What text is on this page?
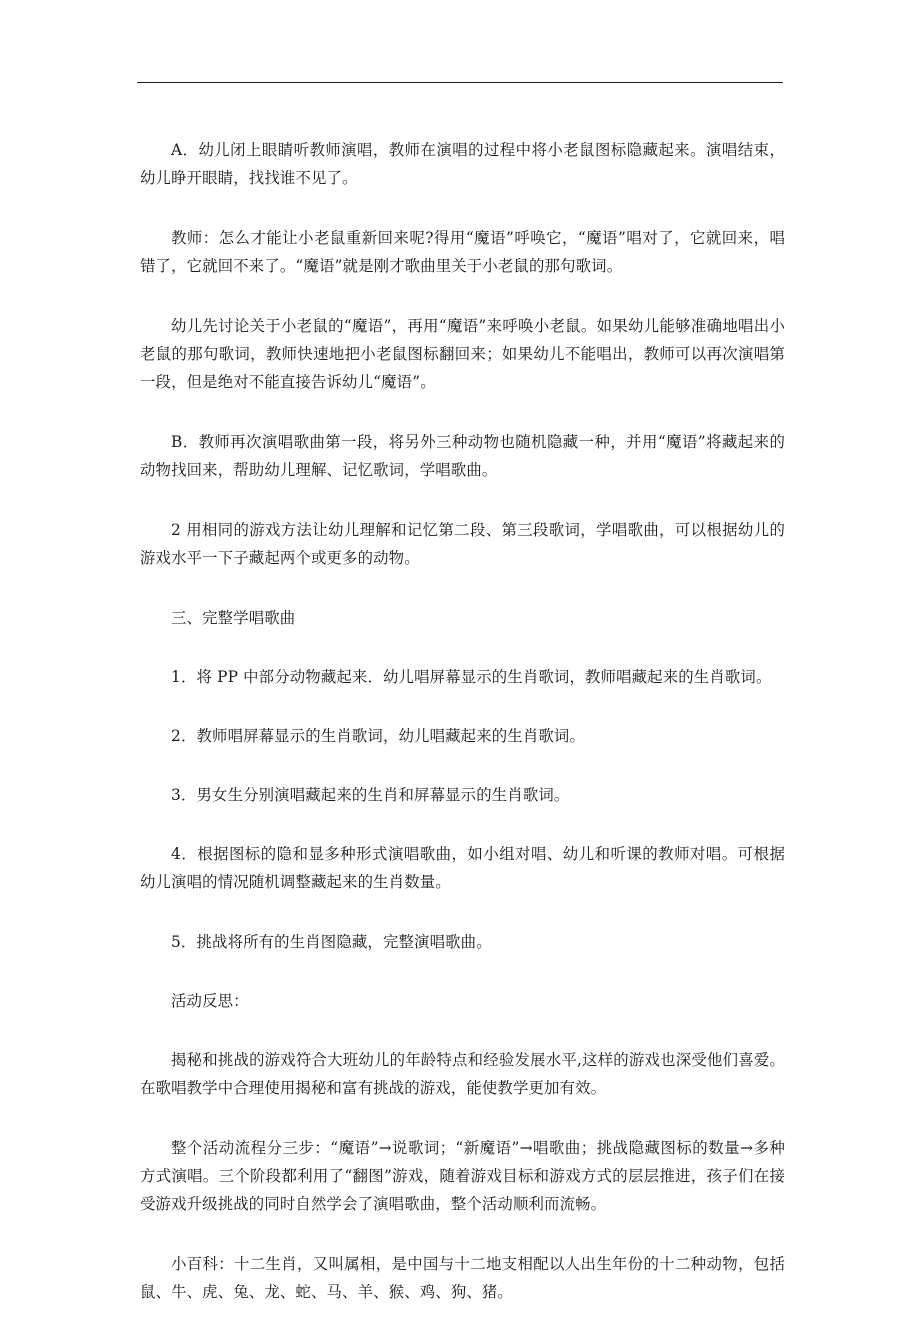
A．幼儿闭上眼睛听教师演唱，教师在演唱的过程中将小老鼠图标隐藏起来。演唱结束，幼儿睁开眼睛，找找谁不见了。

教师：怎么才能让小老鼠重新回来呢?得用“魔语”呼唤它，“魔语”唱对了，它就回来，唱错了，它就回不来了。“魔语”就是刚才歌曲里关于小老鼠的那句歌词。

幼儿先讨论关于小老鼠的“魔语”，再用“魔语”来呼唤小老鼠。如果幼儿能够准确地唱出小老鼠的那句歌词，教师快速地把小老鼠图标翻回来；如果幼儿不能唱出，教师可以再次演唱第一段，但是绝对不能直接告诉幼儿“魔语”。

B．教师再次演唱歌曲第一段，将另外三种动物也随机隐藏一种，并用“魔语”将藏起来的动物找回来，帮助幼儿理解、记忆歌词，学唱歌曲。

2 用相同的游戏方法让幼儿理解和记忆第二段、第三段歌词，学唱歌曲，可以根据幼儿的游戏水平一下子藏起两个或更多的动物。

三、完整学唱歌曲

1．将 PP 中部分动物藏起来．幼儿唱屏幕显示的生肖歌词，教师唱藏起来的生肖歌词。

2．教师唱屏幕显示的生肖歌词，幼儿唱藏起来的生肖歌词。

3．男女生分别演唱藏起来的生肖和屏幕显示的生肖歌词。

4．根据图标的隐和显多种形式演唱歌曲，如小组对唱、幼儿和听课的教师对唱。可根据幼儿演唱的情况随机调整藏起来的生肖数量。

5．挑战将所有的生肖图隐藏，完整演唱歌曲。

活动反思：

揭秘和挑战的游戏符合大班幼儿的年龄特点和经验发展水平,这样的游戏也深受他们喜爱。在歌唱教学中合理使用揭秘和富有挑战的游戏，能使教学更加有效。

整个活动流程分三步：“魔语”→说歌词；“新魔语”→唱歌曲；挑战隐藏图标的数量→多种方式演唱。三个阶段都利用了“翻图”游戏，随着游戏目标和游戏方式的层层推进，孩子们在接受游戏升级挑战的同时自然学会了演唱歌曲，整个活动顺利而流畅。

小百科：十二生肖，又叫属相，是中国与十二地支相配以人出生年份的十二种动物，包括鼠、牛、虎、兔、龙、蛇、马、羊、猴、鸡、狗、猪。
